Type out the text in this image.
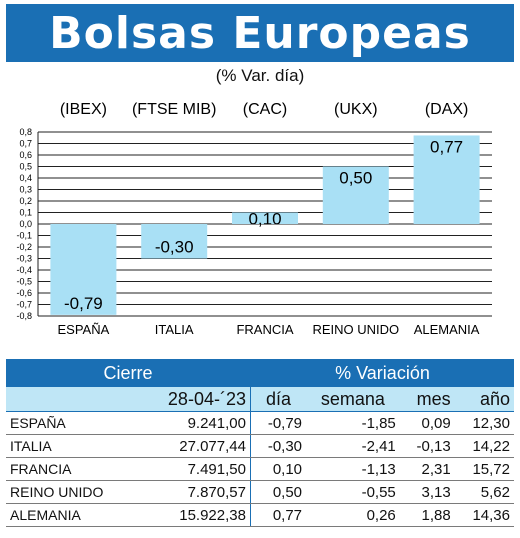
Bolsas Europeas
(% Var. día)
0,8
0,7
0,6
0,5
0,4
0,3
0,2
0,1
0,0
-0,1
-0,2
-0,3
-0,4
-0,5
-0,6
-0,7
-0,8
-0,79
(IBEX)
ESPAÑA
-0,30
(FTSE MIB)
ITALIA
0,10
(CAC)
FRANCIA
0,50
(UKX)
REINO UNIDO
0,77
(DAX)
ALEMANIA
Cierre		% Variación			
	28-04-´23	día	semana	mes	año
ESPAÑA	9.241,00	-0,79	-1,85	0,09	12,30
ITALIA	27.077,44	-0,30	-2,41	-0,13	14,22
FRANCIA	7.491,50	0,10	-1,13	2,31	15,72
REINO UNIDO	7.870,57	0,50	-0,55	3,13	5,62
ALEMANIA	15.922,38	0,77	0,26	1,88	14,36
